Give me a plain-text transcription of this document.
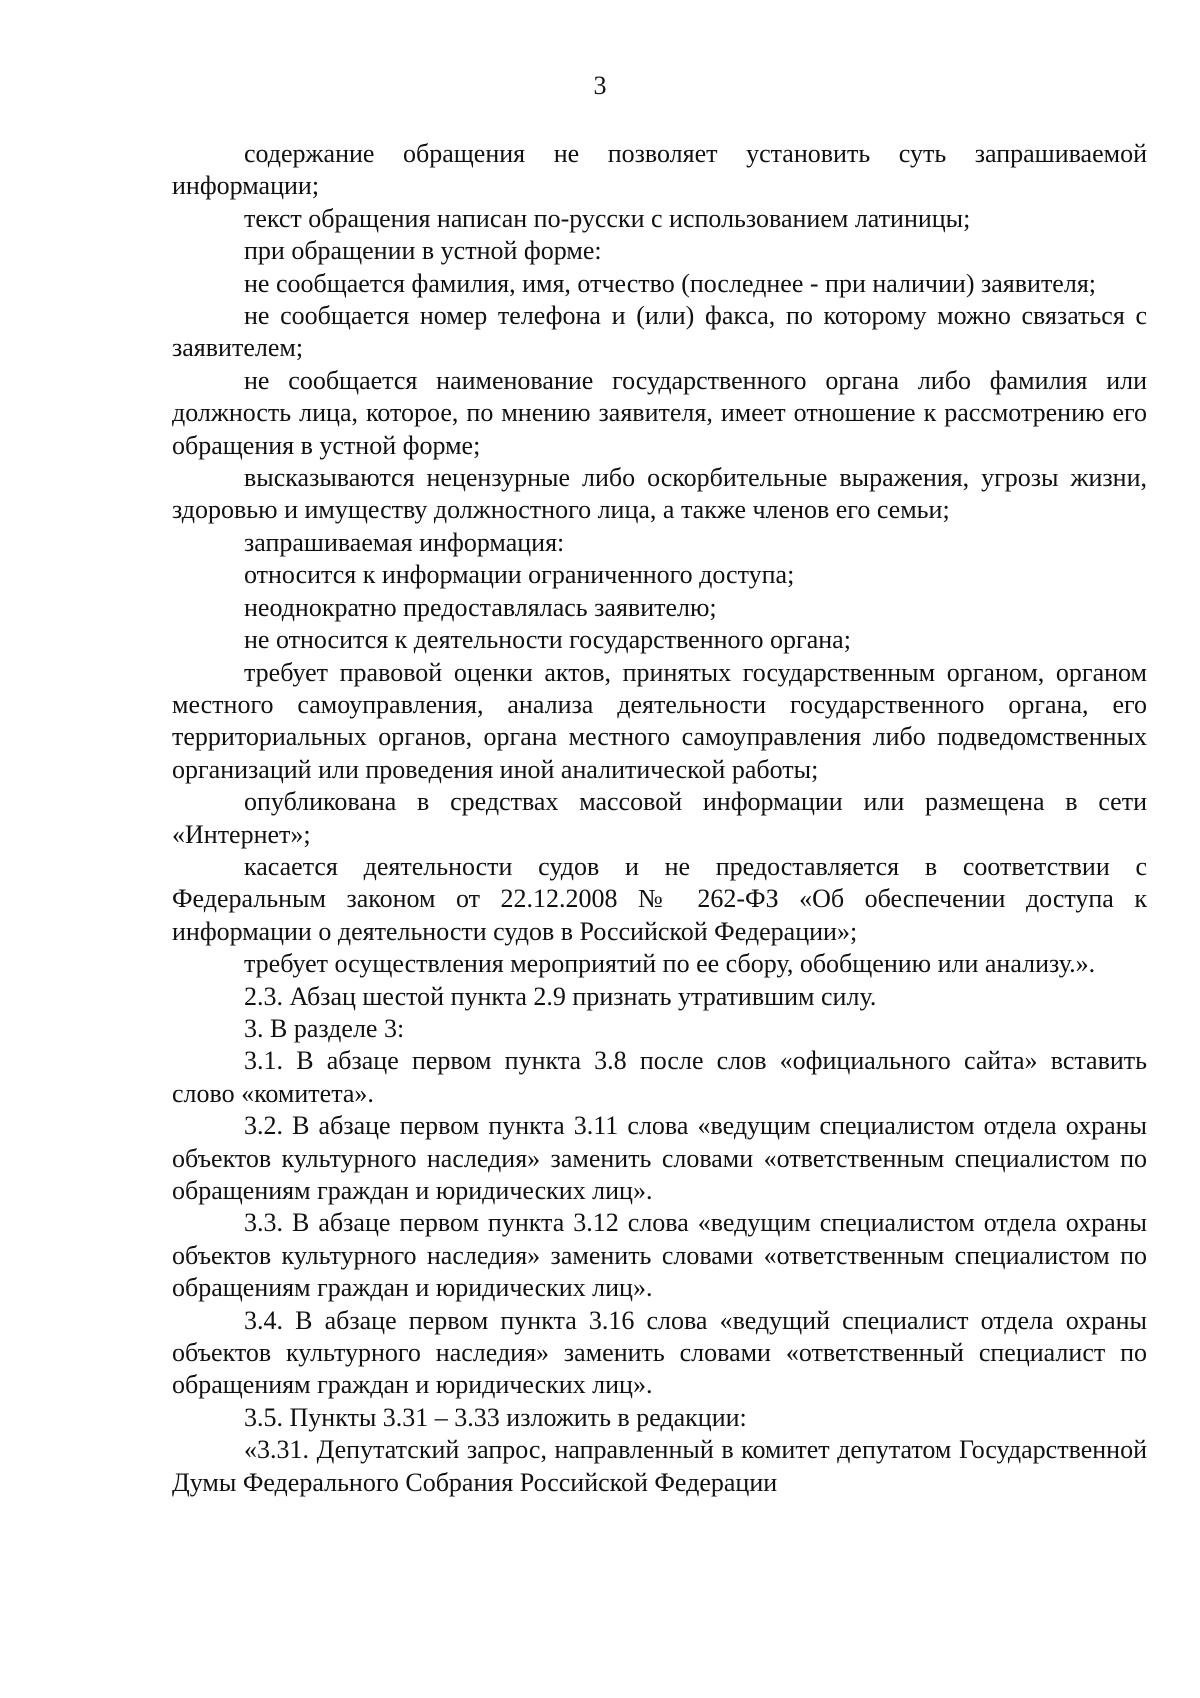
3

содержание обращения не позволяет установить суть запрашиваемой информации;

текст обращения написан по-русски с использованием латиницы;

при обращении в устной форме:

не сообщается фамилия, имя, отчество (последнее - при наличии) заявителя;

не сообщается номер телефона и (или) факса, по которому можно связаться с заявителем;

не сообщается наименование государственного органа либо фамилия или должность лица, которое, по мнению заявителя, имеет отношение к рассмотрению его обращения в устной форме;

высказываются нецензурные либо оскорбительные выражения, угрозы жизни, здоровью и имуществу должностного лица, а также членов его семьи;

запрашиваемая информация:

относится к информации ограниченного доступа;

неоднократно предоставлялась заявителю;

не относится к деятельности государственного органа;

требует правовой оценки актов, принятых государственным органом, органом местного самоуправления, анализа деятельности государственного органа, его территориальных органов, органа местного самоуправления либо подведомственных организаций или проведения иной аналитической работы;

опубликована в средствах массовой информации или размещена в сети «Интернет»;

касается деятельности судов и не предоставляется в соответствии с Федеральным законом от 22.12.2008 № 262-ФЗ «Об обеспечении доступа к информации о деятельности судов в Российской Федерации»;

требует осуществления мероприятий по ее сбору, обобщению или анализу.».

2.3. Абзац шестой пункта 2.9 признать утратившим силу.

3. В разделе 3:

3.1. В абзаце первом пункта 3.8 после слов «официального сайта» вставить слово «комитета».

3.2. В абзаце первом пункта 3.11 слова «ведущим специалистом отдела охраны объектов культурного наследия» заменить словами «ответственным специалистом по обращениям граждан и юридических лиц».

3.3. В абзаце первом пункта 3.12 слова «ведущим специалистом отдела охраны объектов культурного наследия» заменить словами «ответственным специалистом по обращениям граждан и юридических лиц».

3.4. В абзаце первом пункта 3.16 слова «ведущий специалист отдела охраны объектов культурного наследия» заменить словами «ответственный специалист по обращениям граждан и юридических лиц».

3.5. Пункты 3.31 – 3.33 изложить в редакции:

«3.31. Депутатский запрос, направленный в комитет депутатом Государственной Думы Федерального Собрания Российской Федерации
